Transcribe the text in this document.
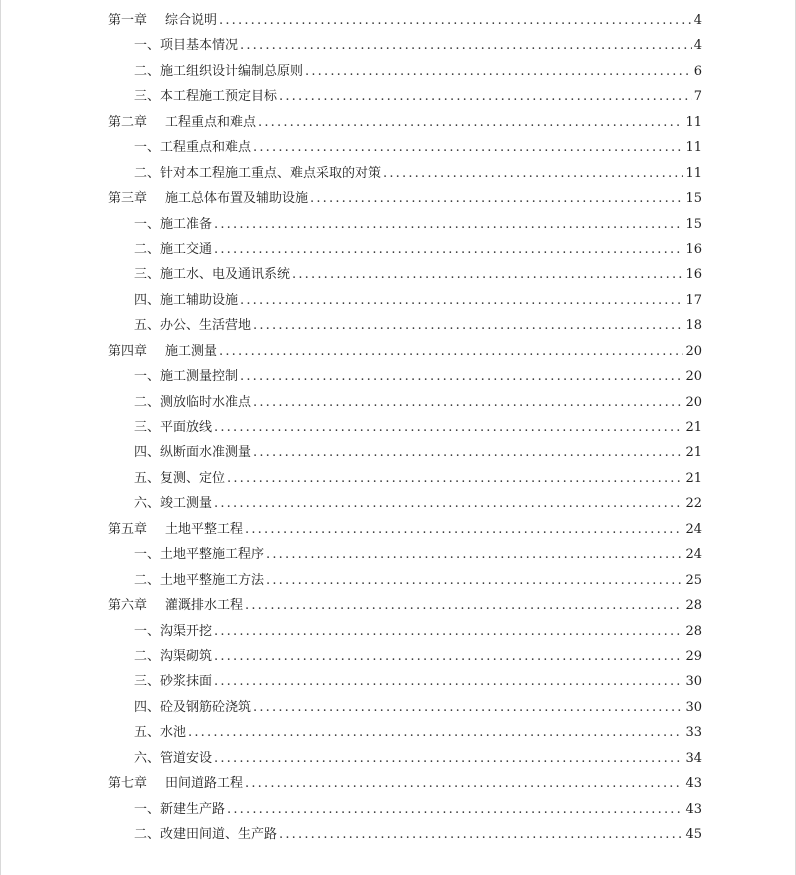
第一章	综合说明 .....	4
一、项目基本情况 .....	4
二、施工组织设计编制总原则 .....	6
三、本工程施工预定目标 .....	7
第二章	工程重点和难点 .....	11
一、工程重点和难点 .....	11
二、针对本工程施工重点、难点采取的对策 .....	11
第三章	施工总体布置及辅助设施 .....	15
一、施工准备 .....	15
二、施工交通 .....	16
三、施工水、电及通讯系统 .....	16
四、施工辅助设施 .....	17
五、办公、生活营地 .....	18
第四章	施工测量 .....	20
一、施工测量控制 .....	20
二、测放临时水准点 .....	20
三、平面放线 .....	21
四、纵断面水准测量 .....	21
五、复测、定位 .....	21
六、竣工测量 .....	22
第五章	土地平整工程 .....	24
一、土地平整施工程序 .....	24
二、土地平整施工方法 .....	25
第六章	灌溉排水工程 .....	28
一、沟渠开挖 .....	28
二、沟渠砌筑 .....	29
三、砂浆抹面 .....	30
四、砼及钢筋砼浇筑 .....	30
五、水池 .....	33
六、管道安设 .....	34
第七章	田间道路工程 .....	43
一、新建生产路 .....	43
二、改建田间道、生产路 .....	45
